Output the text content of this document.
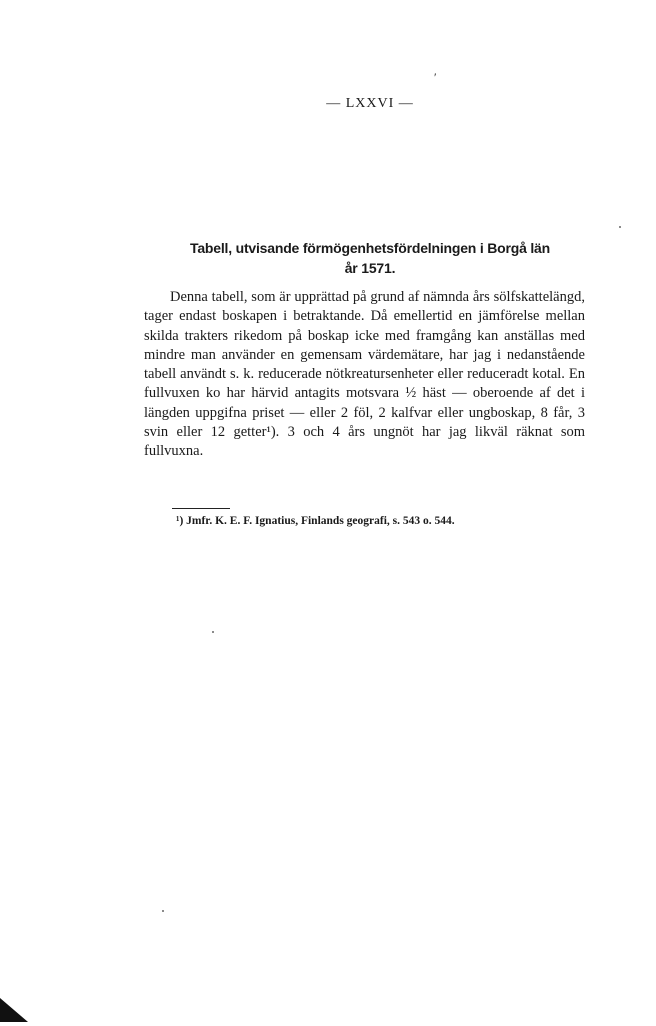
′
— LXXVI —
Tabell, utvisande förmögenhetsfördelningen i Borgå län
år 1571.

Denna tabell, som är upprättad på grund af nämnda års sölfskattelängd, tager endast boskapen i betraktande. Då emellertid en jämförelse mellan skilda trakters rikedom på boskap icke med framgång kan anställas med mindre man använder en gemensam värdemätare, har jag i nedanstående tabell användt s. k. reducerade nötkreatursenheter eller reduceradt kotal. En fullvuxen ko har härvid antagits motsvara ½ häst — oberoende af det i längden uppgifna priset — eller 2 föl, 2 kalfvar eller ungboskap, 8 får, 3 svin eller 12 getter¹). 3 och 4 års ungnöt har jag likväl räknat som fullvuxna.

¹) Jmfr. K. E. F. Ignatius, Finlands geografi, s. 543 o. 544.
